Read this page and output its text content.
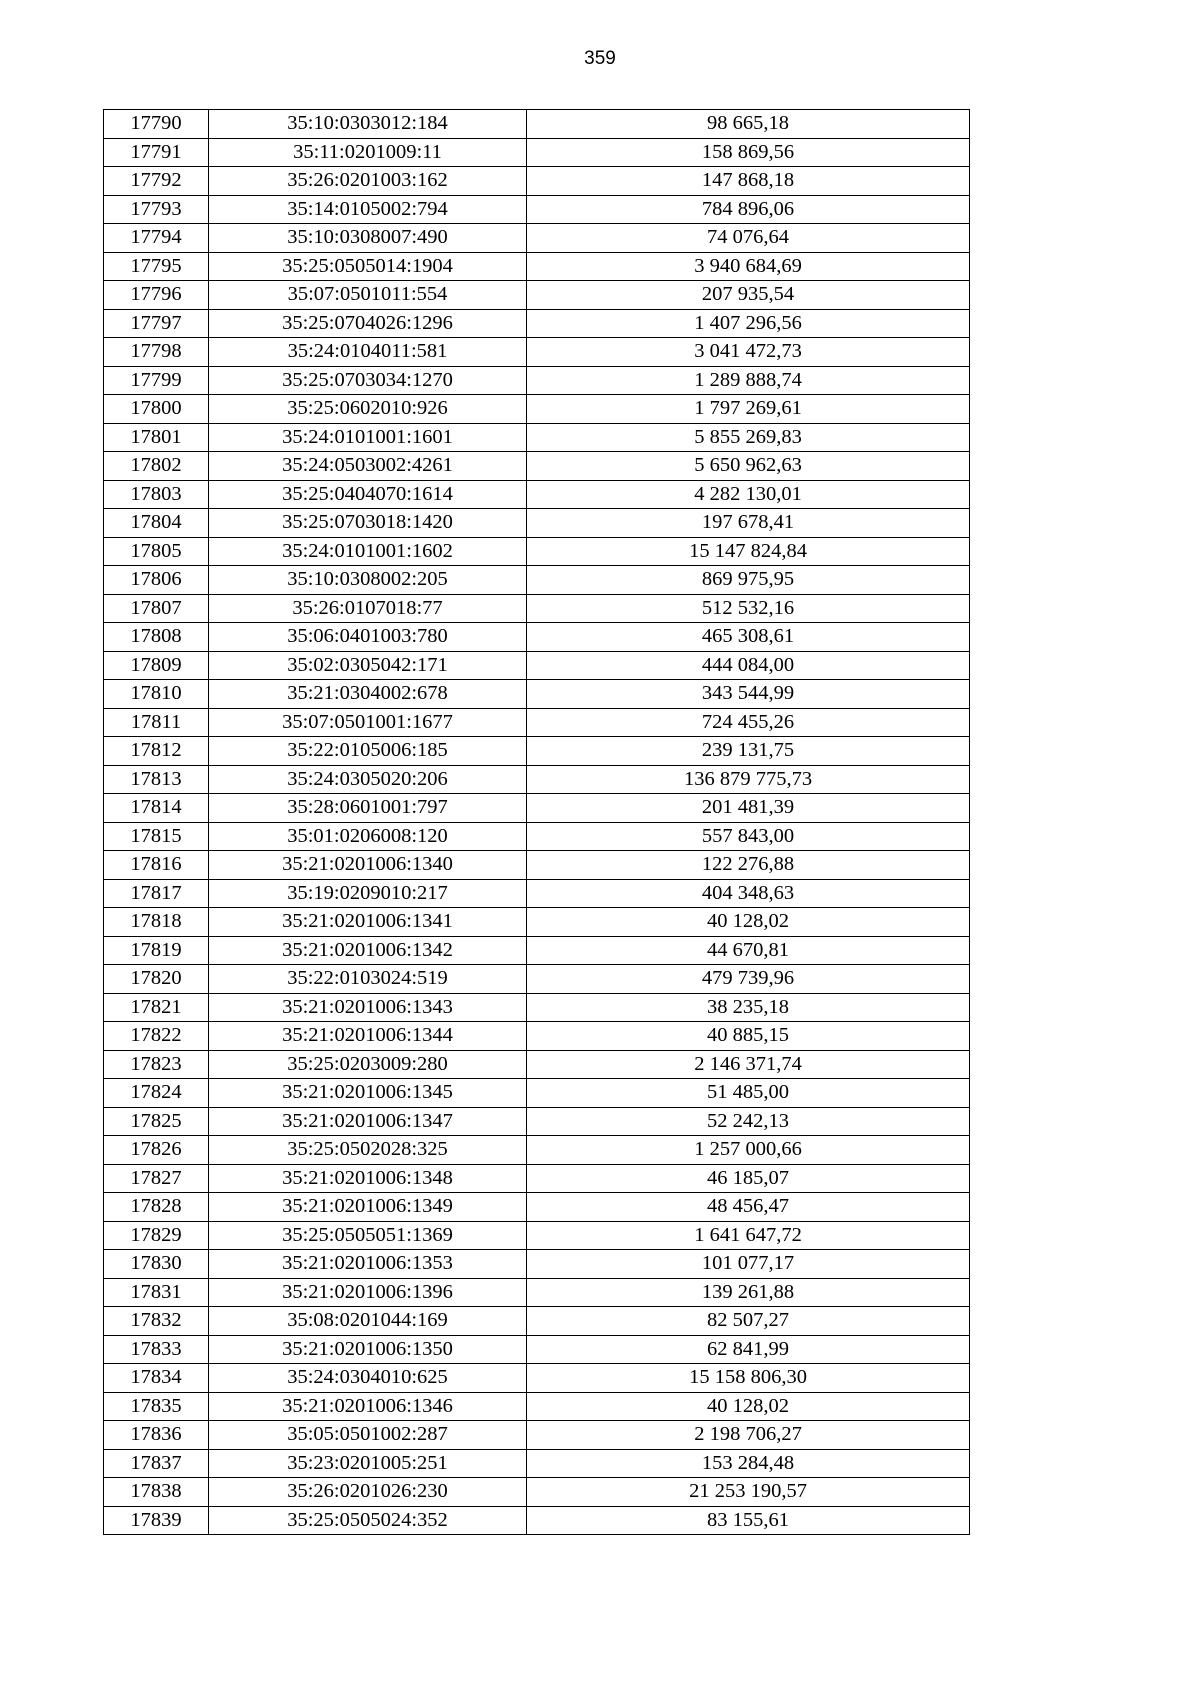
359
17790	35:10:0303012:184	98 665,18
17791	35:11:0201009:11	158 869,56
17792	35:26:0201003:162	147 868,18
17793	35:14:0105002:794	784 896,06
17794	35:10:0308007:490	74 076,64
17795	35:25:0505014:1904	3 940 684,69
17796	35:07:0501011:554	207 935,54
17797	35:25:0704026:1296	1 407 296,56
17798	35:24:0104011:581	3 041 472,73
17799	35:25:0703034:1270	1 289 888,74
17800	35:25:0602010:926	1 797 269,61
17801	35:24:0101001:1601	5 855 269,83
17802	35:24:0503002:4261	5 650 962,63
17803	35:25:0404070:1614	4 282 130,01
17804	35:25:0703018:1420	197 678,41
17805	35:24:0101001:1602	15 147 824,84
17806	35:10:0308002:205	869 975,95
17807	35:26:0107018:77	512 532,16
17808	35:06:0401003:780	465 308,61
17809	35:02:0305042:171	444 084,00
17810	35:21:0304002:678	343 544,99
17811	35:07:0501001:1677	724 455,26
17812	35:22:0105006:185	239 131,75
17813	35:24:0305020:206	136 879 775,73
17814	35:28:0601001:797	201 481,39
17815	35:01:0206008:120	557 843,00
17816	35:21:0201006:1340	122 276,88
17817	35:19:0209010:217	404 348,63
17818	35:21:0201006:1341	40 128,02
17819	35:21:0201006:1342	44 670,81
17820	35:22:0103024:519	479 739,96
17821	35:21:0201006:1343	38 235,18
17822	35:21:0201006:1344	40 885,15
17823	35:25:0203009:280	2 146 371,74
17824	35:21:0201006:1345	51 485,00
17825	35:21:0201006:1347	52 242,13
17826	35:25:0502028:325	1 257 000,66
17827	35:21:0201006:1348	46 185,07
17828	35:21:0201006:1349	48 456,47
17829	35:25:0505051:1369	1 641 647,72
17830	35:21:0201006:1353	101 077,17
17831	35:21:0201006:1396	139 261,88
17832	35:08:0201044:169	82 507,27
17833	35:21:0201006:1350	62 841,99
17834	35:24:0304010:625	15 158 806,30
17835	35:21:0201006:1346	40 128,02
17836	35:05:0501002:287	2 198 706,27
17837	35:23:0201005:251	153 284,48
17838	35:26:0201026:230	21 253 190,57
17839	35:25:0505024:352	83 155,61
